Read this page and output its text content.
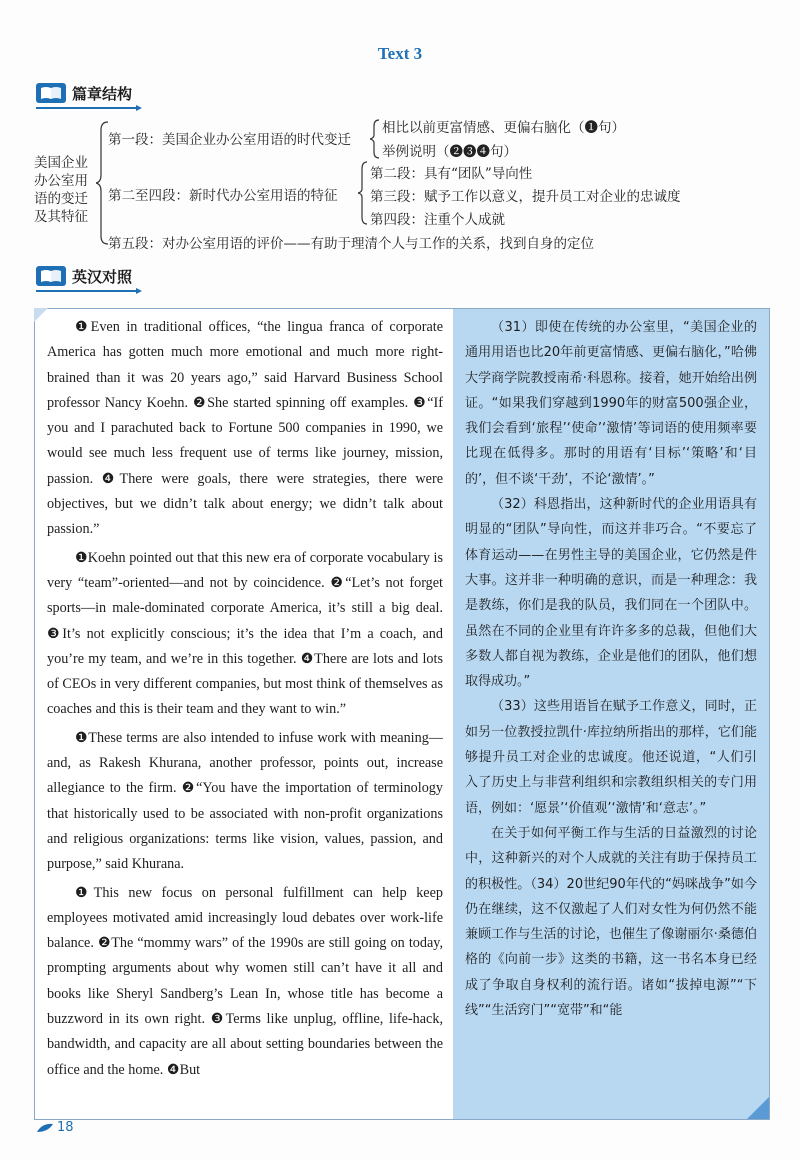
Text 3
篇章结构
美国企业办公室用语的变迁及其特征
第一段：美国企业办公室用语的时代变迁
相比以前更富情感、更偏右脑化（❶句）
举例说明（❷❸❹句）
第二至四段：新时代办公室用语的特征
第二段：具有“团队”导向性
第三段：赋予工作以意义，提升员工对企业的忠诚度
第四段：注重个人成就
第五段：对办公室用语的评价——有助于理清个人与工作的关系，找到自身的定位
英汉对照

❶Even in traditional offices, “the lingua franca of corporate America has gotten much more emotional and much more right-brained than it was 20 years ago,” said Harvard Business School professor Nancy Koehn. ❷She started spinning off examples. ❸“If you and I parachuted back to Fortune 500 companies in 1990, we would see much less frequent use of terms like journey, mission, passion. ❹There were goals, there were strategies, there were objectives, but we didn’t talk about energy; we didn’t talk about passion.”

❶Koehn pointed out that this new era of corporate vocabulary is very “team”-oriented—and not by coincidence. ❷“Let’s not forget sports—in male-dominated corporate America, it’s still a big deal. ❸It’s not explicitly conscious; it’s the idea that I’m a coach, and you’re my team, and we’re in this together. ❹There are lots and lots of CEOs in very different companies, but most think of themselves as coaches and this is their team and they want to win.”

❶These terms are also intended to infuse work with meaning—and, as Rakesh Khurana, another professor, points out, increase allegiance to the firm. ❷“You have the importation of terminology that historically used to be associated with non-profit organizations and religious organizations: terms like vision, values, passion, and purpose,” said Khurana.

❶This new focus on personal fulfillment can help keep employees motivated amid increasingly loud debates over work-life balance. ❷The “mommy wars” of the 1990s are still going on today, prompting arguments about why women still can’t have it all and books like Sheryl Sandberg’s Lean In, whose title has become a buzzword in its own right. ❸Terms like unplug, offline, life-hack, bandwidth, and capacity are all about setting boundaries between the office and the home. ❹But

（31）即使在传统的办公室里，“美国企业的通用用语也比20年前更富情感、更偏右脑化，”哈佛大学商学院教授南希·科恩称。接着，她开始给出例证。“如果我们穿越到1990年的财富500强企业，我们会看到‘旅程’‘使命’‘激情’等词语的使用频率要比现在低得多。那时的用语有‘目标’‘策略’和‘目的’，但不谈‘干劲’，不论‘激情’。”

（32）科恩指出，这种新时代的企业用语具有明显的“团队”导向性，而这并非巧合。“不要忘了体育运动——在男性主导的美国企业，它仍然是件大事。这并非一种明确的意识，而是一种理念：我是教练，你们是我的队员，我们同在一个团队中。虽然在不同的企业里有许许多多的总裁，但他们大多数人都自视为教练，企业是他们的团队，他们想取得成功。”

（33）这些用语旨在赋予工作意义，同时，正如另一位教授拉凯什·库拉纳所指出的那样，它们能够提升员工对企业的忠诚度。他还说道，“人们引入了历史上与非营利组织和宗教组织相关的专门用语，例如：‘愿景’‘价值观’‘激情’和‘意志’。”

在关于如何平衡工作与生活的日益激烈的讨论中，这种新兴的对个人成就的关注有助于保持员工的积极性。（34）20世纪90年代的“妈咪战争”如今仍在继续，这不仅激起了人们对女性为何仍然不能兼顾工作与生活的讨论，也催生了像谢丽尔·桑德伯格的《向前一步》这类的书籍，这一书名本身已经成了争取自身权利的流行语。诸如“拔掉电源”“下线”“生活窍门”“宽带”和“能

18
